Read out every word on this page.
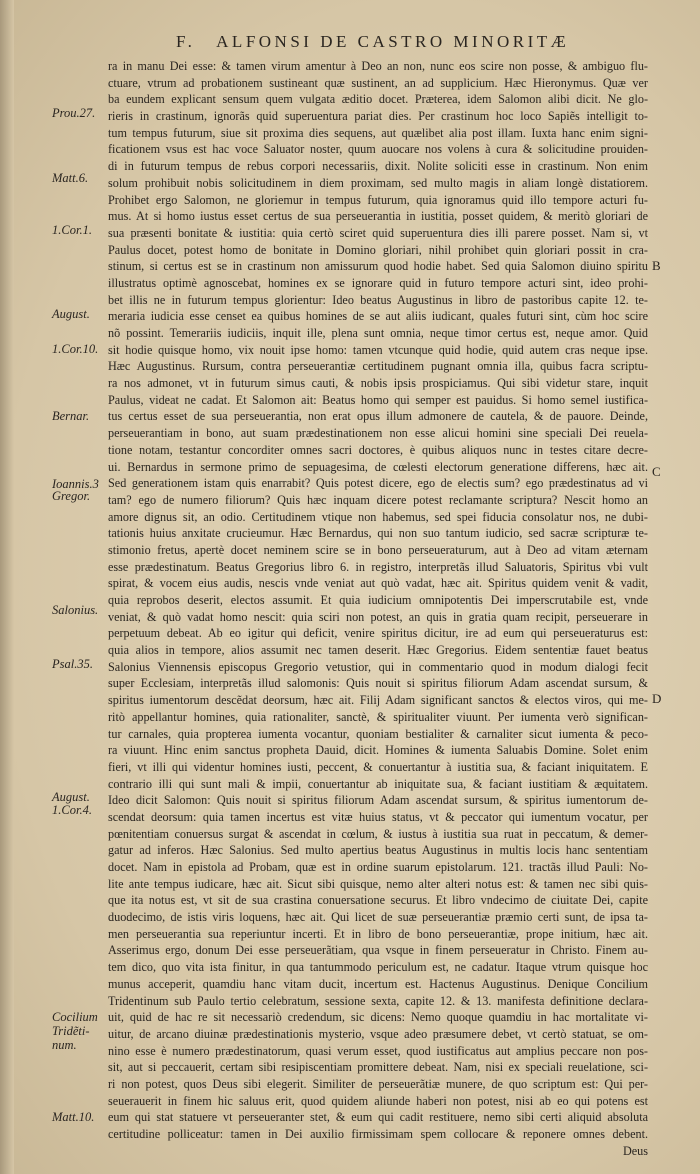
F. ALFONSI DE CASTRO MINORITÆ
ra in manu Dei esse: & tamen virum amentur à Deo an non, nunc eos scire non posse, & ambiguo flu-
ctuare, vtrum ad probationem sustineant quæ sustinent, an ad supplicium. Hæc Hieronymus. Quæ ver
ba eundem explicant sensum quem vulgata æditio docet. Præterea, idem Salomon alibi dicit. Ne glo-
rieris in crastinum, ignorãs quid superuentura pariat dies. Per crastinum hoc loco Sapiẽs intelligit to-
tum tempus futurum, siue sit proxima dies sequens, aut quælibet alia post illam. Iuxta hanc enim signi-
ficationem vsus est hac voce Saluator noster, quum auocare nos volens à cura & solicitudine prouiden-
di in futurum tempus de rebus corpori necessariis, dixit. Nolite soliciti esse in crastinum. Non enim
solum prohibuit nobis solicitudinem in diem proximam, sed multo magis in aliam longè distatiorem.
Prohibet ergo Salomon, ne gloriemur in tempus futurum, quia ignoramus quid illo tempore acturi fu-
mus. At si homo iustus esset certus de sua perseuerantia in iustitia, posset quidem, & meritò gloriari de
sua præsenti bonitate & iustitia: quia certò sciret quid superuentura dies illi parere posset. Nam si, vt
Paulus docet, potest homo de bonitate in Domino gloriari, nihil prohibet quin gloriari possit in cra-
stinum, si certus est se in crastinum non amissurum quod hodie habet. Sed quia Salomon diuino spiritu
illustratus optimè agnoscebat, homines ex se ignorare quid in futuro tempore acturi sint, ideo prohi-
bet illis ne in futurum tempus glorientur: Ideo beatus Augustinus in libro de pastoribus capite 12. te-
meraria iudicia esse censet ea quibus homines de se aut aliis iudicant, quales futuri sint, cùm hoc scire
nõ possint. Temerariis iudiciis, inquit ille, plena sunt omnia, neque timor certus est, neque amor. Quid
sit hodie quisque homo, vix nouit ipse homo: tamen vtcunque quid hodie, quid autem cras neque ipse.
Hæc Augustinus. Rursum, contra perseuerantiæ certitudinem pugnant omnia illa, quibus facra scriptu-
ra nos admonet, vt in futurum simus cauti, & nobis ipsis prospiciamus. Qui sibi videtur stare, inquit
Paulus, videat ne cadat. Et Salomon ait: Beatus homo qui semper est pauidus. Si homo semel iustifica-
tus certus esset de sua perseuerantia, non erat opus illum admonere de cautela, & de pauore. Deinde,
perseuerantiam in bono, aut suam prædestinationem non esse alicui homini sine speciali Dei reuela-
tione notam, testantur concorditer omnes sacri doctores, è quibus aliquos nunc in testes citare decre-
ui. Bernardus in sermone primo de sepuagesima, de cœlesti electorum generatione differens, hæc ait.
Sed generationem istam quis enarrabit? Quis potest dicere, ego de electis sum? ego prædestinatus ad vi
tam? ego de numero filiorum? Quis hæc inquam dicere potest reclamante scriptura? Nescit homo an
amore dignus sit, an odio. Certitudinem vtique non habemus, sed spei fiducia consolatur nos, ne dubi-
tationis huius anxitate crucieumur. Hæc Bernardus, qui non suo tantum iudicio, sed sacræ scripturæ te-
stimonio fretus, apertè docet neminem scire se in bono perseueraturum, aut à Deo ad vitam æternam
esse prædestinatum. Beatus Gregorius libro 6. in registro, interpretãs illud Saluatoris, Spiritus vbi vult
spirat, & vocem eius audis, nescis vnde veniat aut quò vadat, hæc ait. Spiritus quidem venit & vadit,
quia reprobos deserit, electos assumit. Et quia iudicium omnipotentis Dei imperscrutabile est, vnde
veniat, & quò vadat homo nescit: quia sciri non potest, an quis in gratia quam recipit, perseuerare in
perpetuum debeat. Ab eo igitur qui deficit, venire spiritus dicitur, ire ad eum qui perseueraturus est:
quia alios in tempore, alios assumit nec tamen deserit. Hæc Gregorius. Eidem sententiæ fauet beatus
Salonius Viennensis episcopus Gregorio vetustior, qui in commentario quod in modum dialogi fecit
super Ecclesiam, interpretãs illud salomonis: Quis nouit si spiritus filiorum Adam ascendat sursum, &
spiritus iumentorum descẽdat deorsum, hæc ait. Filij Adam significant sanctos & electos viros, qui me-
ritò appellantur homines, quia rationaliter, sanctè, & spiritualiter viuunt. Per iumenta verò significan-
tur carnales, quia propterea iumenta vocantur, quoniam bestialiter & carnaliter sicut iumenta & peco-
ra viuunt. Hinc enim sanctus propheta Dauid, dicit. Homines & iumenta Saluabis Domine. Solet enim
fieri, vt illi qui videntur homines iusti, peccent, & conuertantur à iustitia sua, & faciant iniquitatem. E
contrario illi qui sunt mali & impii, conuertantur ab iniquitate sua, & faciant iustitiam & æquitatem.
Ideo dicit Salomon: Quis nouit si spiritus filiorum Adam ascendat sursum, & spiritus iumentorum de-
scendat deorsum: quia tamen incertus est vitæ huius status, vt & peccator qui iumentum vocatur, per
pœnitentiam conuersus surgat & ascendat in cœlum, & iustus à iustitia sua ruat in peccatum, & demer-
gatur ad inferos. Hæc Salonius. Sed multo apertius beatus Augustinus in multis locis hanc sententiam
docet. Nam in epistola ad Probam, quæ est in ordine suarum epistolarum. 121. tractãs illud Pauli: No-
lite ante tempus iudicare, hæc ait. Sicut sibi quisque, nemo alter alteri notus est: & tamen nec sibi quis-
que ita notus est, vt sit de sua crastina conuersatione securus. Et libro vndecimo de ciuitate Dei, capite
duodecimo, de istis viris loquens, hæc ait. Qui licet de suæ perseuerantiæ præmio certi sunt, de ipsa ta-
men perseuerantia sua reperiuntur incerti. Et in libro de bono perseuerantiæ, prope initium, hæc ait.
Asserimus ergo, donum Dei esse perseuerãtiam, qua vsque in finem perseueratur in Christo. Finem au-
tem dico, quo vita ista finitur, in qua tantummodo periculum est, ne cadatur. Itaque vtrum quisque hoc
munus acceperit, quamdiu hanc vitam ducit, incertum est. Hactenus Augustinus. Denique Concilium
Tridentinum sub Paulo tertio celebratum, sessione sexta, capite 12. & 13. manifesta definitione declara-
uit, quid de hac re sit necessariò credendum, sic dicens: Nemo quoque quamdiu in hac mortalitate vi-
uitur, de arcano diuinæ prædestinationis mysterio, vsque adeo præsumere debet, vt certò statuat, se om-
nino esse è numero prædestinatorum, quasi verum esset, quod iustificatus aut amplius peccare non pos-
sit, aut si peccauerit, certam sibi resipiscentiam promittere debeat. Nam, nisi ex speciali reuelatione, sci-
ri non potest, quos Deus sibi elegerit. Similiter de perseuerãtiæ munere, de quo scriptum est: Qui per-
seuerauerit in finem hic saluus erit, quod quidem aliunde haberi non potest, nisi ab eo qui potens est
eum qui stat statuere vt perseueranter stet, & eum qui cadit restituere, nemo sibi certi aliquid absoluta
certitudine polliceatur: tamen in Dei auxilio firmissimam spem collocare & reponere omnes debent.
Deus
Prou.27.
Matt.6.
1.Cor.1.
August.
1.Cor.10.
Bernar.
Ioannis.3
Gregor.
Salonius.
Psal.35.
August.
1.Cor.4.
Cocilium
B
C
D
Tridẽti-
num.
Matt.10.
